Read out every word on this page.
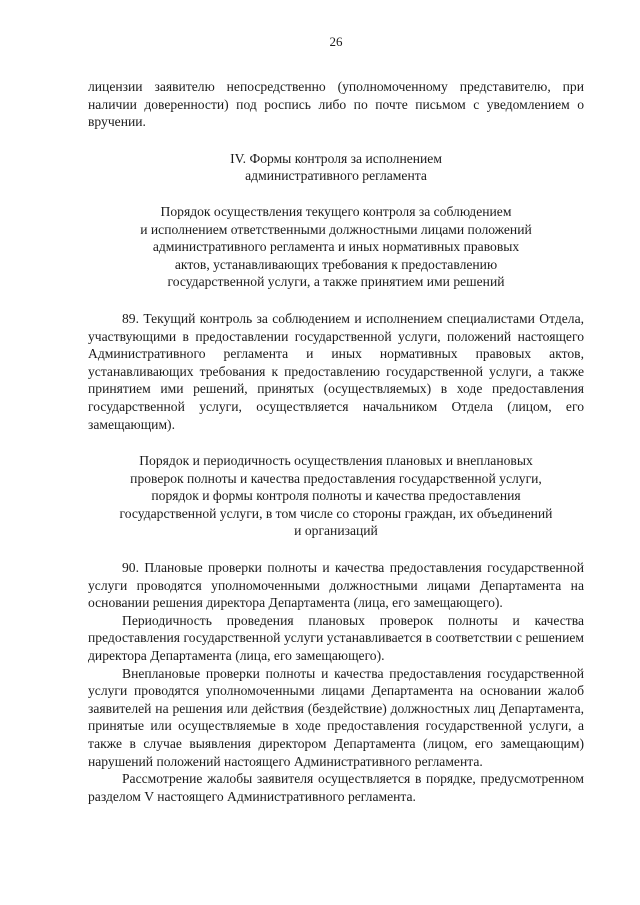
26

лицензии заявителю непосредственно (уполномоченному представителю, при наличии доверенности) под роспись либо по почте письмом с уведомлением о вручении.

IV. Формы контроля за исполнением
административного регламента
Порядок осуществления текущего контроля за соблюдением
и исполнением ответственными должностными лицами положений
административного регламента и иных нормативных правовых
актов, устанавливающих требования к предоставлению
государственной услуги, а также принятием ими решений

89. Текущий контроль за соблюдением и исполнением специалистами Отдела, участвующими в предоставлении государственной услуги, положений настоящего Административного регламента и иных нормативных правовых актов, устанавливающих требования к предоставлению государственной услуги, а также принятием ими решений, принятых (осуществляемых) в ходе предоставления государственной услуги, осуществляется начальником Отдела (лицом, его замещающим).

Порядок и периодичность осуществления плановых и внеплановых
проверок полноты и качества предоставления государственной услуги,
порядок и формы контроля полноты и качества предоставления
государственной услуги, в том числе со стороны граждан, их объединений
и организаций

90. Плановые проверки полноты и качества предоставления государственной услуги проводятся уполномоченными должностными лицами Департамента на основании решения директора Департамента (лица, его замещающего).

Периодичность проведения плановых проверок полноты и качества предоставления государственной услуги устанавливается в соответствии с решением директора Департамента (лица, его замещающего).

Внеплановые проверки полноты и качества предоставления государственной услуги проводятся уполномоченными лицами Департамента на основании жалоб заявителей на решения или действия (бездействие) должностных лиц Департамента, принятые или осуществляемые в ходе предоставления государственной услуги, а также в случае выявления директором Департамента (лицом, его замещающим) нарушений положений настоящего Административного регламента.

Рассмотрение жалобы заявителя осуществляется в порядке, предусмотренном разделом V настоящего Административного регламента.
